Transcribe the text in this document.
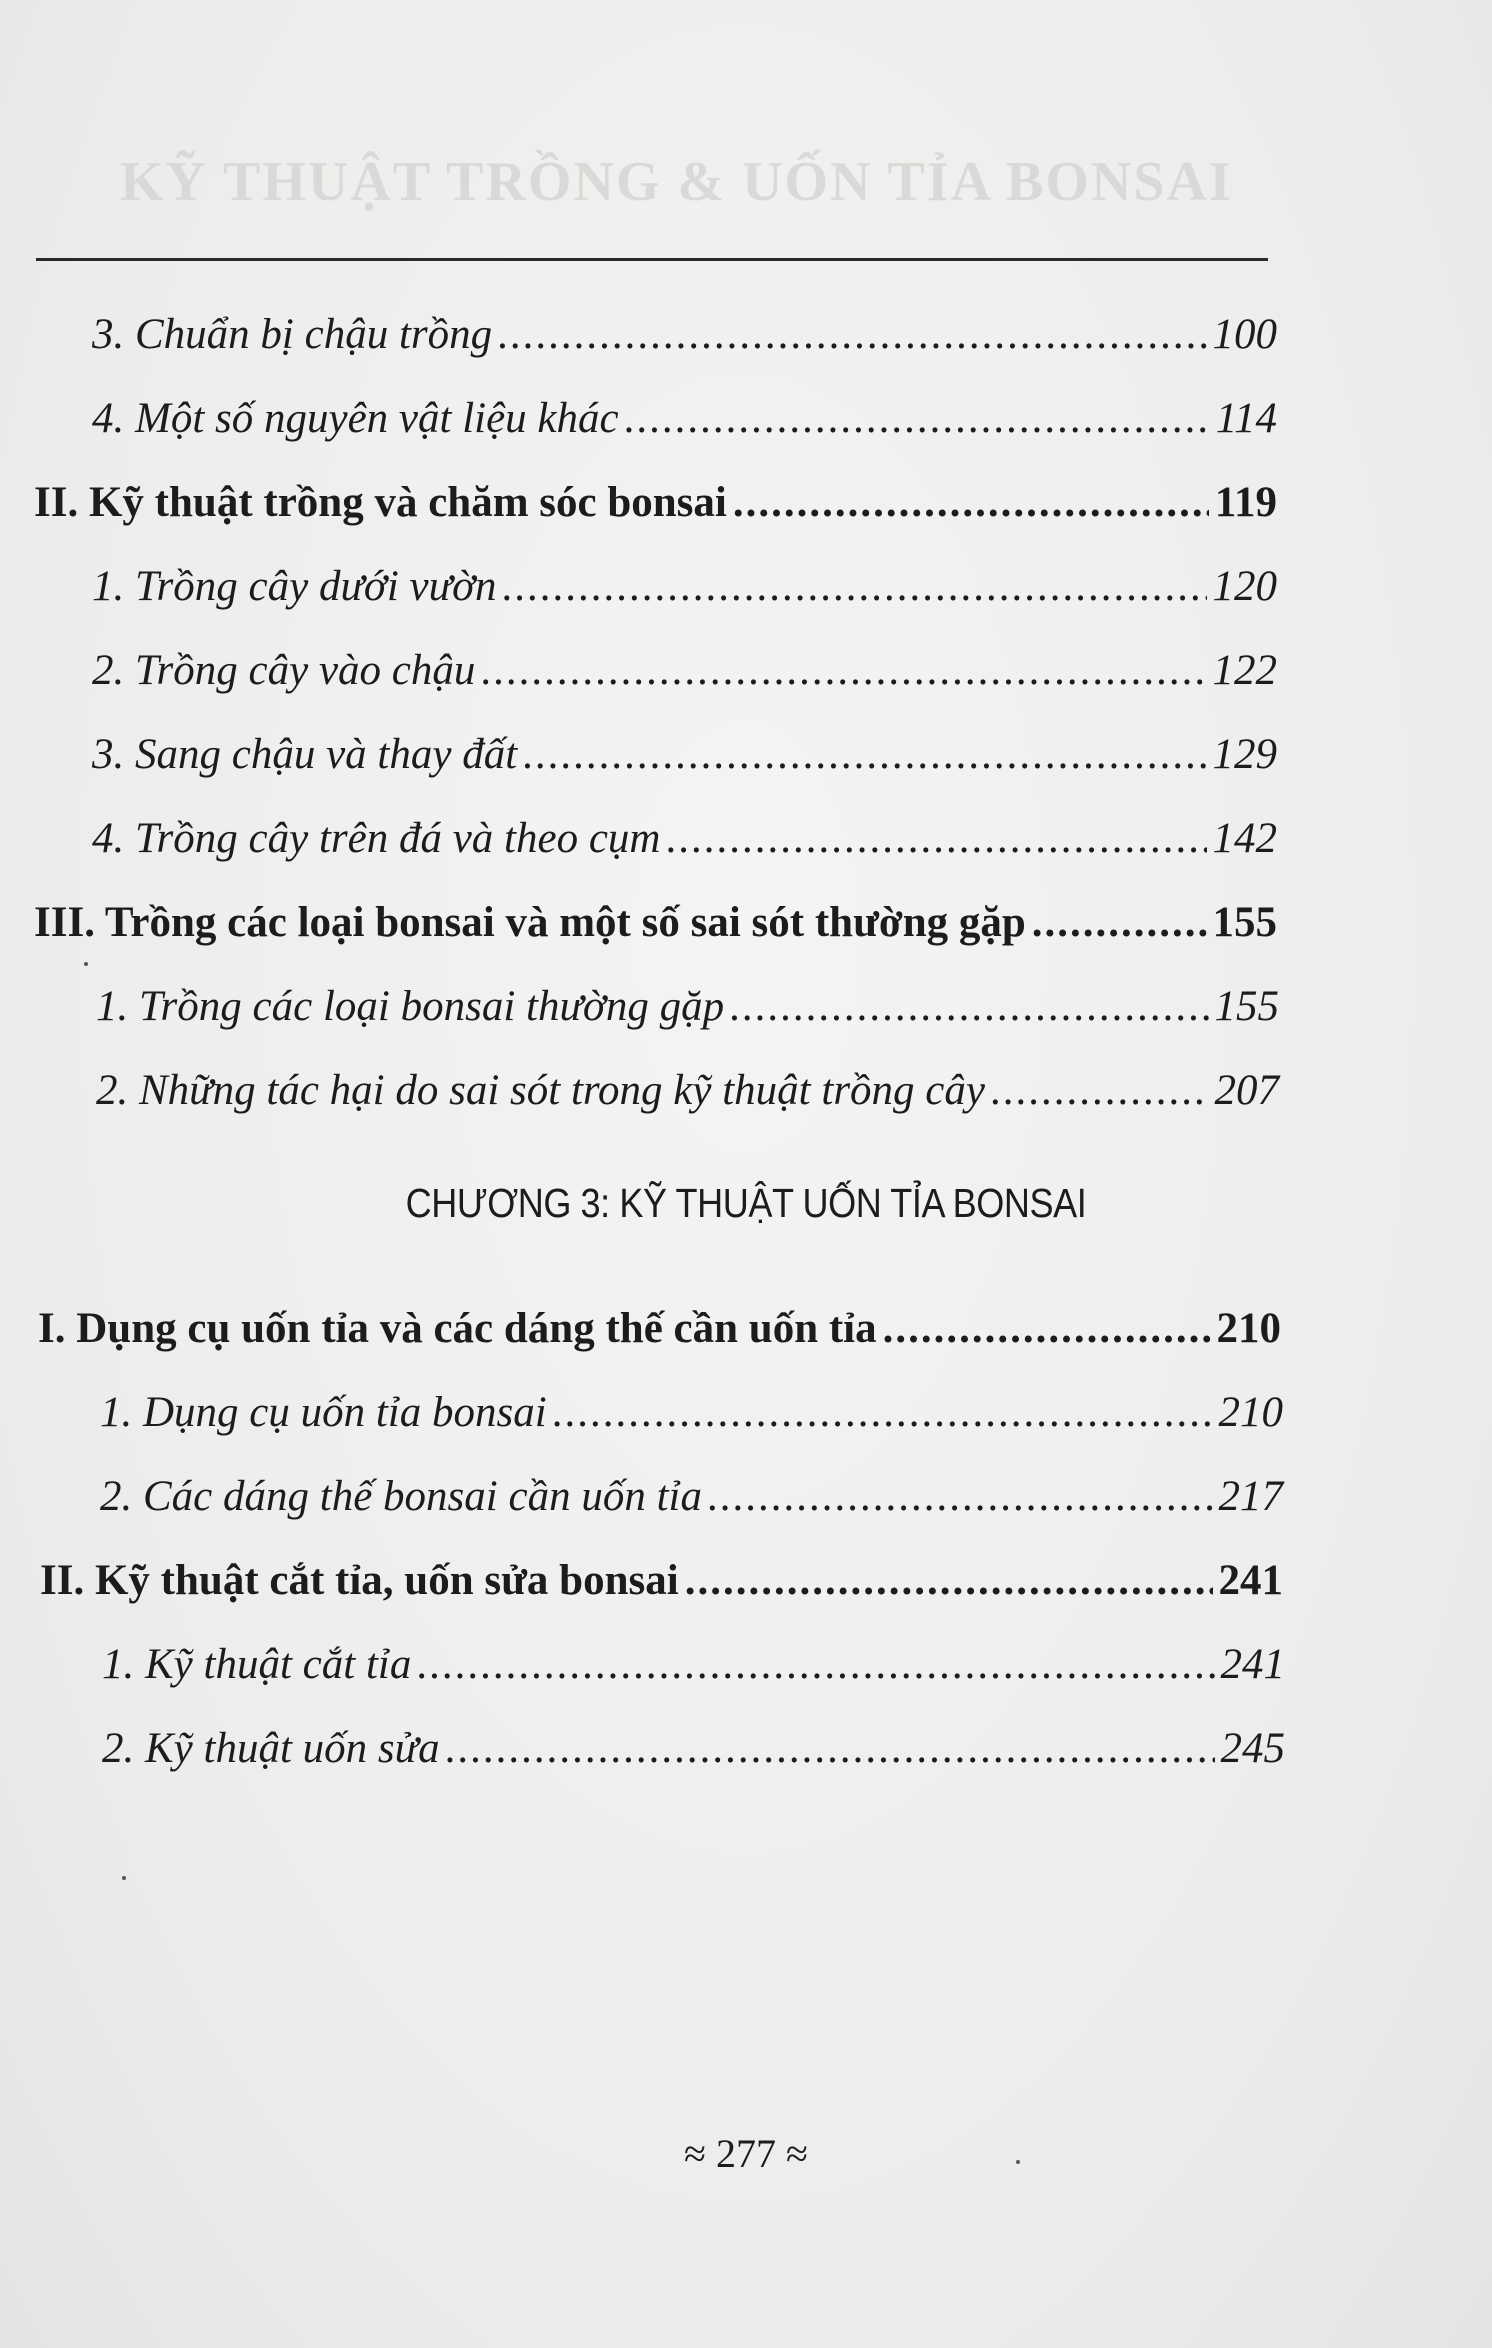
KỸ THUẬT TRỒNG & UỐN TỈA BONSAI
3. Chuẩn bị chậu trồng .....	100
4. Một số nguyên vật liệu khác .....	114
II. Kỹ thuật trồng và chăm sóc bonsai .....	119
1. Trồng cây dưới vườn .....	120
2. Trồng cây vào chậu .....	122
3. Sang chậu và thay đất .....	129
4. Trồng cây trên đá và theo cụm .....	142
III. Trồng các loại bonsai và một số sai sót thường gặp .....	155
1. Trồng các loại bonsai thường gặp .....	155
2. Những tác hại do sai sót trong kỹ thuật trồng cây .....	207
CHƯƠNG 3: KỸ THUẬT UỐN TỈA BONSAI
I. Dụng cụ uốn tỉa và các dáng thế cần uốn tỉa .....	210
1. Dụng cụ uốn tỉa bonsai .....	210
2. Các dáng thế bonsai cần uốn tỉa .....	217
II. Kỹ thuật cắt tỉa, uốn sửa bonsai .....	241
1. Kỹ thuật cắt tỉa .....	241
2. Kỹ thuật uốn sửa .....	245
≈ 277 ≈
